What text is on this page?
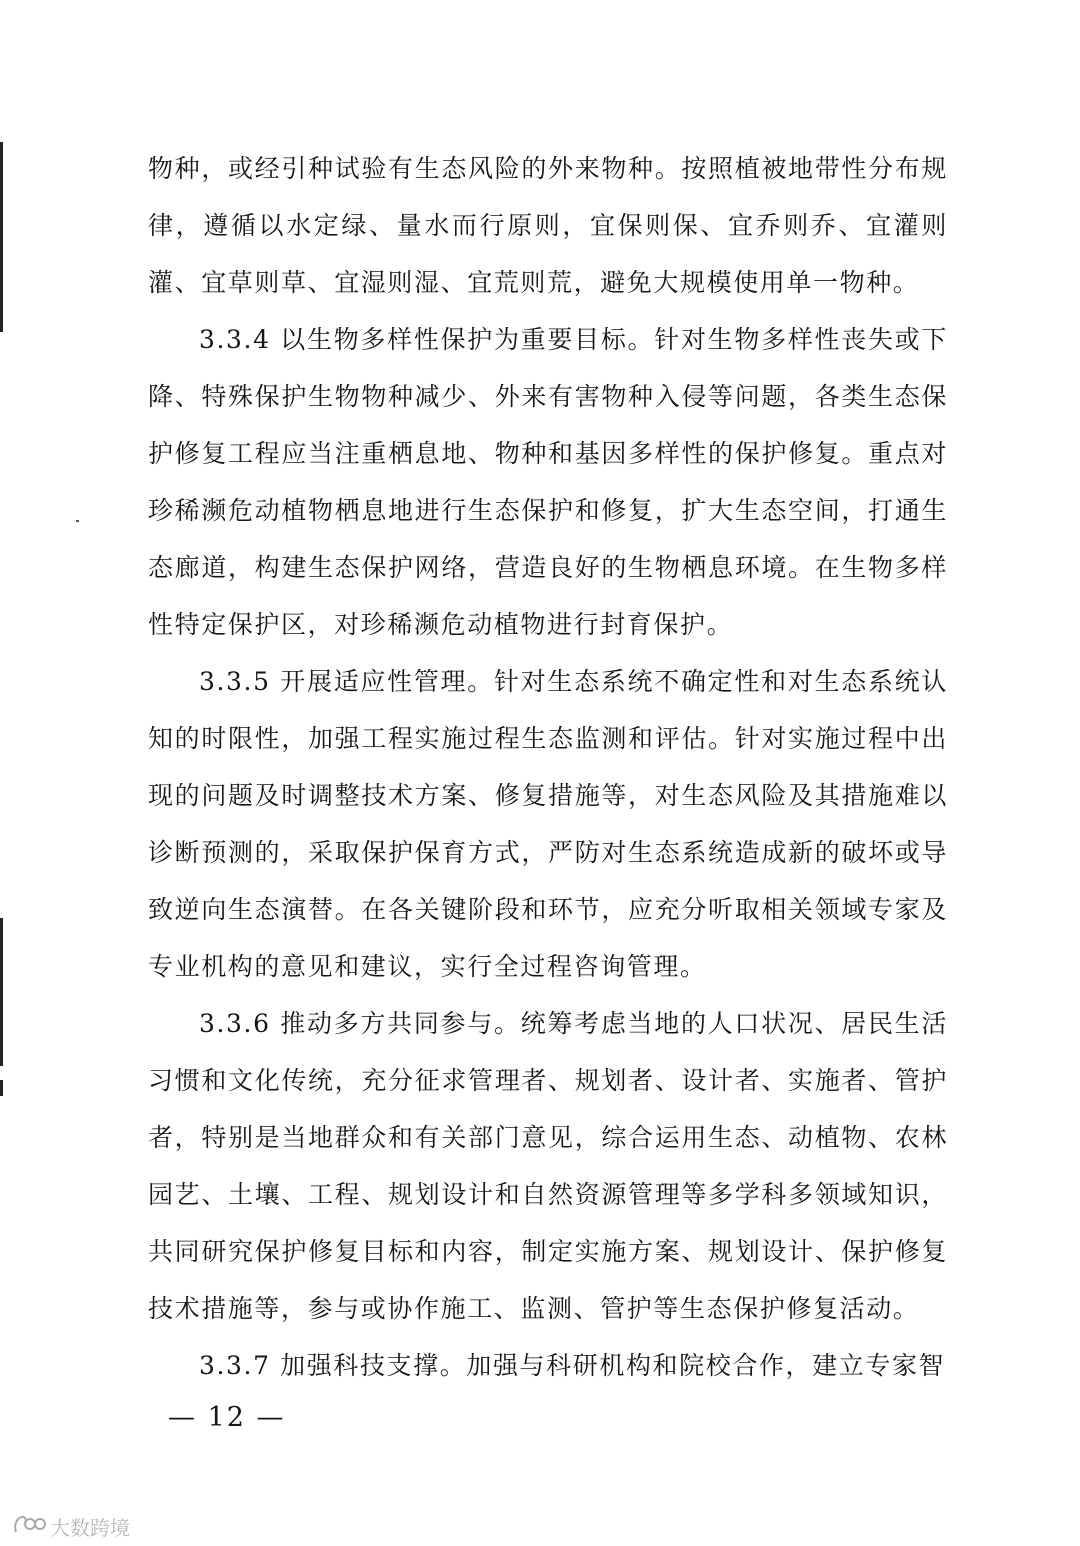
物种，或经引种试验有生态风险的外来物种。按照植被地带性分布规律，遵循以水定绿、量水而行原则，宜保则保、宜乔则乔、宜灌则灌、宜草则草、宜湿则湿、宜荒则荒，避免大规模使用单一物种。

3.3.4 以生物多样性保护为重要目标。针对生物多样性丧失或下降、特殊保护生物物种减少、外来有害物种入侵等问题，各类生态保护修复工程应当注重栖息地、物种和基因多样性的保护修复。重点对珍稀濒危动植物栖息地进行生态保护和修复，扩大生态空间，打通生态廊道，构建生态保护网络，营造良好的生物栖息环境。在生物多样性特定保护区，对珍稀濒危动植物进行封育保护。

3.3.5 开展适应性管理。针对生态系统不确定性和对生态系统认知的时限性，加强工程实施过程生态监测和评估。针对实施过程中出现的问题及时调整技术方案、修复措施等，对生态风险及其措施难以诊断预测的，采取保护保育方式，严防对生态系统造成新的破坏或导致逆向生态演替。在各关键阶段和环节，应充分听取相关领域专家及专业机构的意见和建议，实行全过程咨询管理。

3.3.6 推动多方共同参与。统筹考虑当地的人口状况、居民生活习惯和文化传统，充分征求管理者、规划者、设计者、实施者、管护者，特别是当地群众和有关部门意见，综合运用生态、动植物、农林园艺、土壤、工程、规划设计和自然资源管理等多学科多领域知识，共同研究保护修复目标和内容，制定实施方案、规划设计、保护修复技术措施等，参与或协作施工、监测、管护等生态保护修复活动。

3.3.7 加强科技支撑。加强与科研机构和院校合作，建立专家智

— 12 —
大数跨境
